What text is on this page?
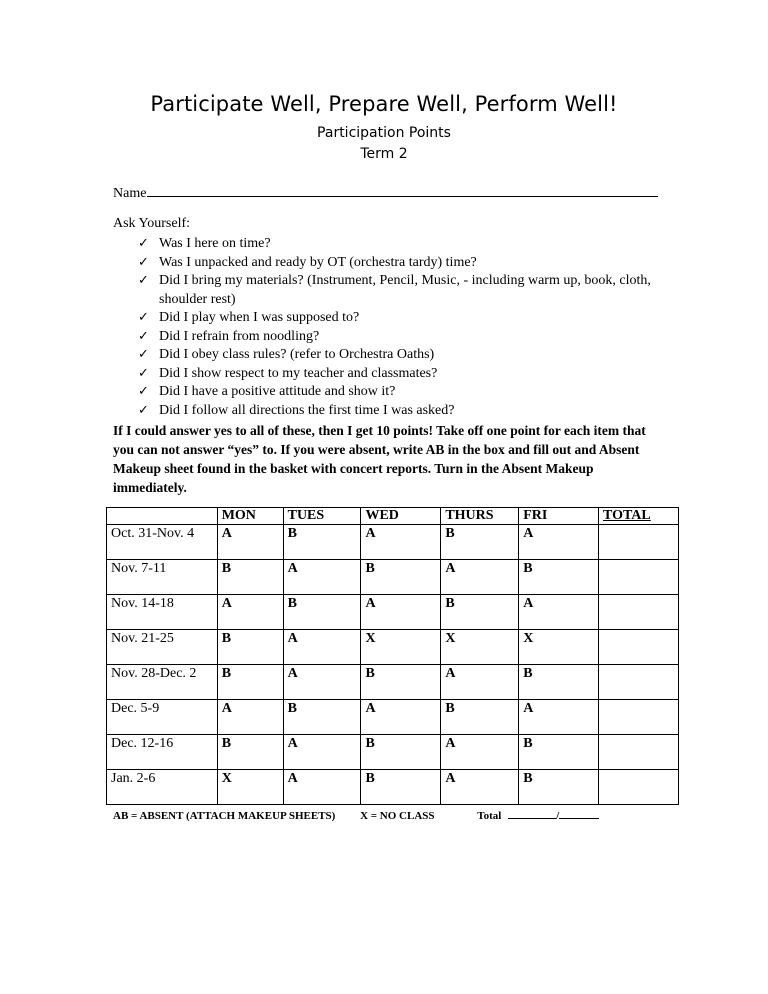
Participate Well, Prepare Well, Perform Well!
Participation Points
Term 2
Name
Ask Yourself:
✓ Was I here on time?
✓ Was I unpacked and ready by OT (orchestra tardy) time?
✓ Did I bring my materials? (Instrument, Pencil, Music, - including warm up, book, cloth, shoulder rest)
✓ Did I play when I was supposed to?
✓ Did I refrain from noodling?
✓ Did I obey class rules? (refer to Orchestra Oaths)
✓ Did I show respect to my teacher and classmates?
✓ Did I have a positive attitude and show it?
✓ Did I follow all directions the first time I was asked?
If I could answer yes to all of these, then I get 10 points! Take off one point for each item that you can not answer “yes” to. If you were absent, write AB in the box and fill out and Absent Makeup sheet found in the basket with concert reports. Turn in the Absent Makeup immediately.
	MON	TUES	WED	THURS	FRI	TOTAL
Oct. 31-Nov. 4	A	B	A	B	A	
Nov. 7-11	B	A	B	A	B	
Nov. 14-18	A	B	A	B	A	
Nov. 21-25	B	A	X	X	X	
Nov. 28-Dec. 2	B	A	B	A	B	
Dec. 5-9	A	B	A	B	A	
Dec. 12-16	B	A	B	A	B	
Jan. 2-6	X	A	B	A	B	
AB = ABSENT (ATTACH MAKEUP SHEETS) X = NO CLASS	Total	/
